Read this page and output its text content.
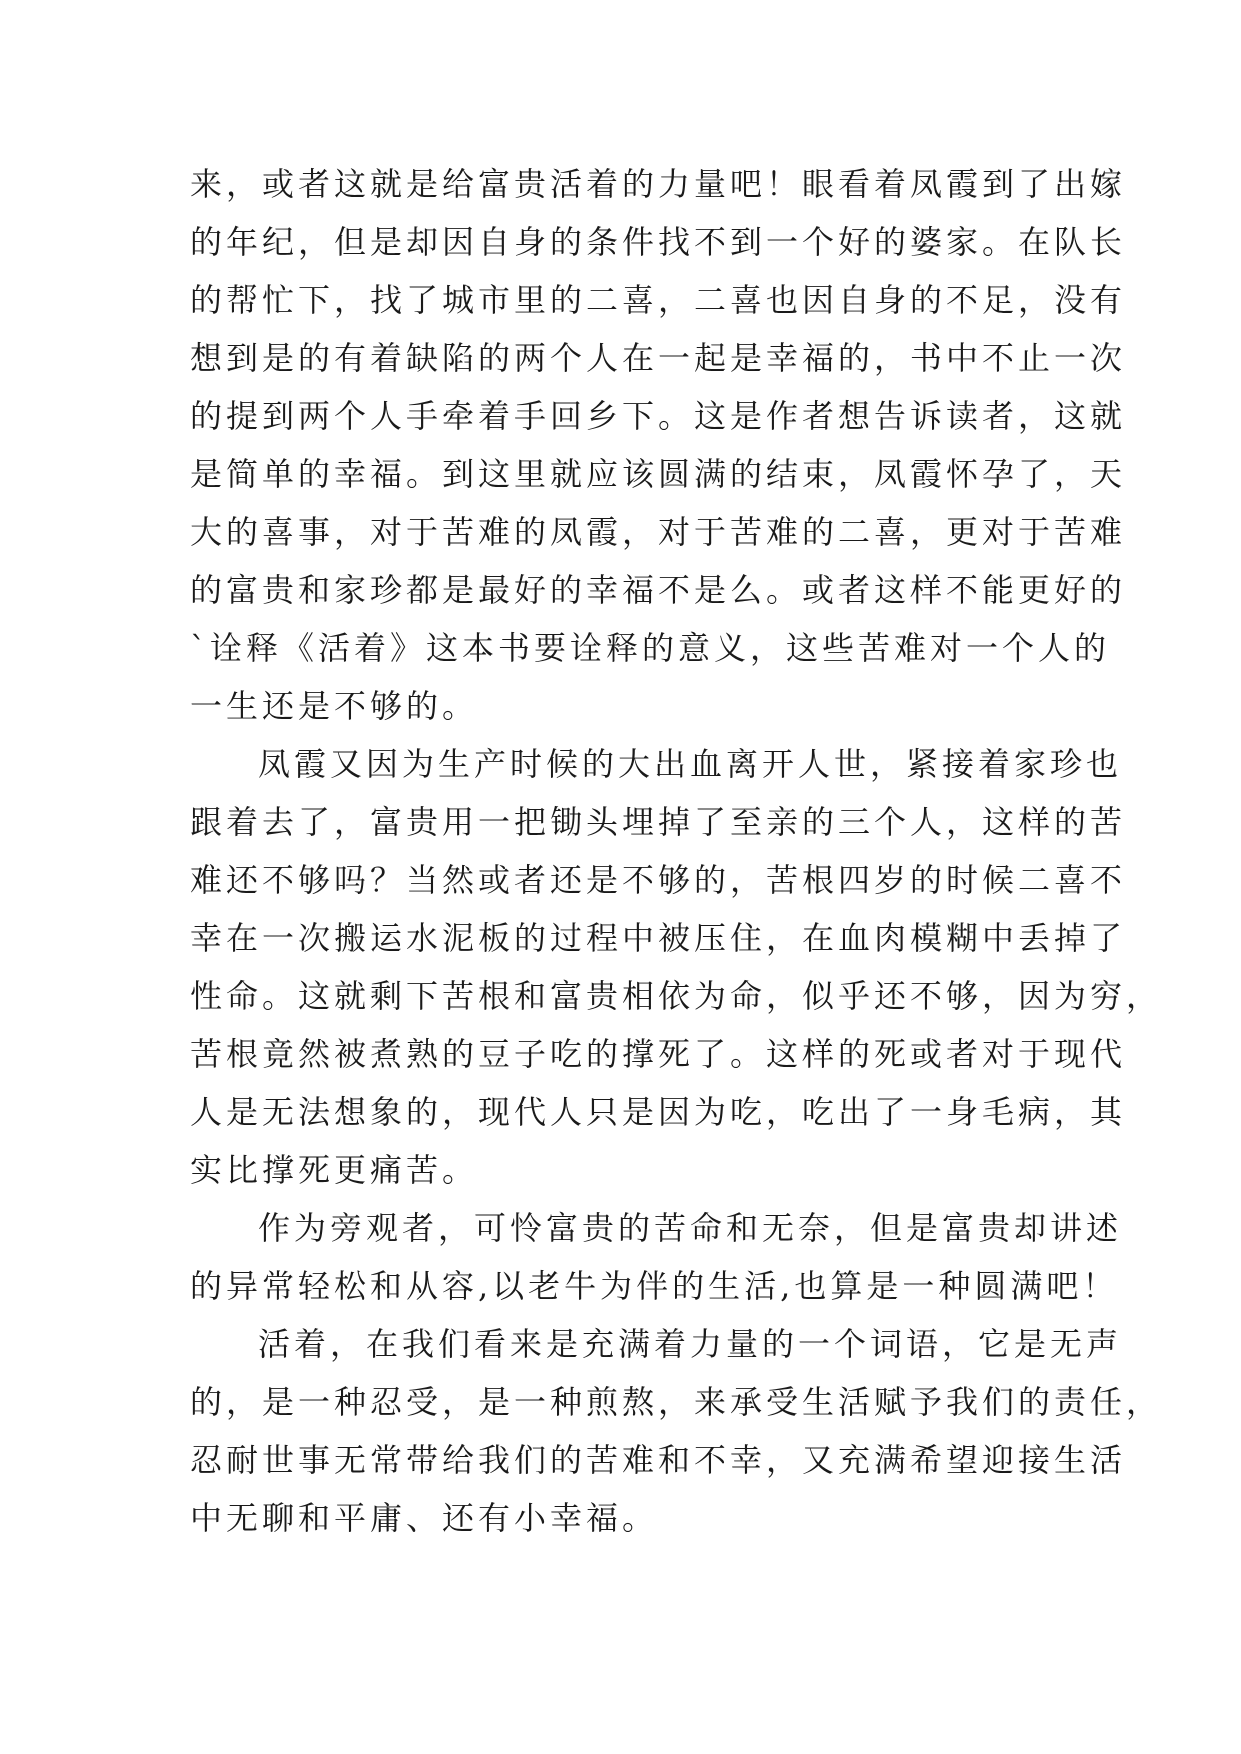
来，或者这就是给富贵活着的力量吧！眼看着凤霞到了出嫁
的年纪，但是却因自身的条件找不到一个好的婆家。在队长
的帮忙下，找了城市里的二喜，二喜也因自身的不足，没有
想到是的有着缺陷的两个人在一起是幸福的，书中不止一次
的提到两个人手牵着手回乡下。这是作者想告诉读者，这就
是简单的幸福。到这里就应该圆满的结束，凤霞怀孕了，天
大的喜事，对于苦难的凤霞，对于苦难的二喜，更对于苦难
的富贵和家珍都是最好的幸福不是么。或者这样不能更好的
`诠释《活着》这本书要诠释的意义，这些苦难对一个人的
一生还是不够的。
凤霞又因为生产时候的大出血离开人世，紧接着家珍也
跟着去了，富贵用一把锄头埋掉了至亲的三个人，这样的苦
难还不够吗？当然或者还是不够的，苦根四岁的时候二喜不
幸在一次搬运水泥板的过程中被压住，在血肉模糊中丢掉了
性命。这就剩下苦根和富贵相依为命，似乎还不够，因为穷，
苦根竟然被煮熟的豆子吃的撑死了。这样的死或者对于现代
人是无法想象的，现代人只是因为吃，吃出了一身毛病，其
实比撑死更痛苦。
作为旁观者，可怜富贵的苦命和无奈，但是富贵却讲述
的异常轻松和从容,以老牛为伴的生活,也算是一种圆满吧！
活着，在我们看来是充满着力量的一个词语，它是无声
的，是一种忍受，是一种煎熬，来承受生活赋予我们的责任，
忍耐世事无常带给我们的苦难和不幸，又充满希望迎接生活
中无聊和平庸、还有小幸福。
